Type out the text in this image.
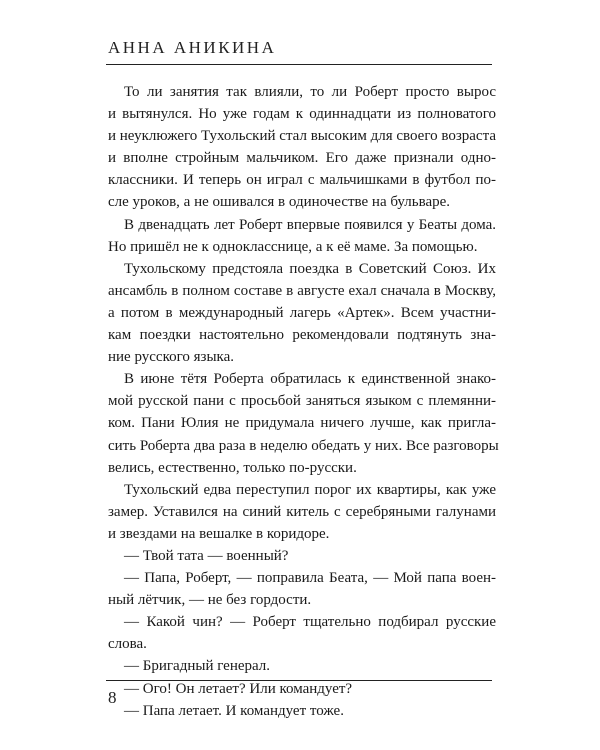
АННА АНИКИНА
То ли занятия так влияли, то ли Роберт просто вырос
и вытянулся. Но уже годам к одиннадцати из полноватого
и неуклюжего Тухольский стал высоким для своего возраста
и вполне стройным мальчиком. Его даже признали одно-
классники. И теперь он играл с мальчишками в футбол по-
сле уроков, а не ошивался в одиночестве на бульваре.
В двенадцать лет Роберт впервые появился у Беаты дома.
Но пришёл не к однокласснице, а к её маме. За помощью.
Тухольскому предстояла поездка в Советский Союз. Их
ансамбль в полном составе в августе ехал сначала в Москву,
а потом в международный лагерь «Артек». Всем участни-
кам поездки настоятельно рекомендовали подтянуть зна-
ние русского языка.
В июне тётя Роберта обратилась к единственной знако-
мой русской пани с просьбой заняться языком с племянни-
ком. Пани Юлия не придумала ничего лучше, как пригла-
сить Роберта два раза в неделю обедать у них. Все разговоры
велись, естественно, только по-русски.
Тухольский едва переступил порог их квартиры, как уже
замер. Уставился на синий китель с серебряными галунами
и звездами на вешалке в коридоре.
— Твой тата — военный?
— Папа, Роберт, — поправила Беата, — Мой папа воен-
ный лётчик, — не без гордости.
— Какой чин? — Роберт тщательно подбирал русские
слова.
— Бригадный генерал.
— Ого! Он летает? Или командует?
— Папа летает. И командует тоже.
8
